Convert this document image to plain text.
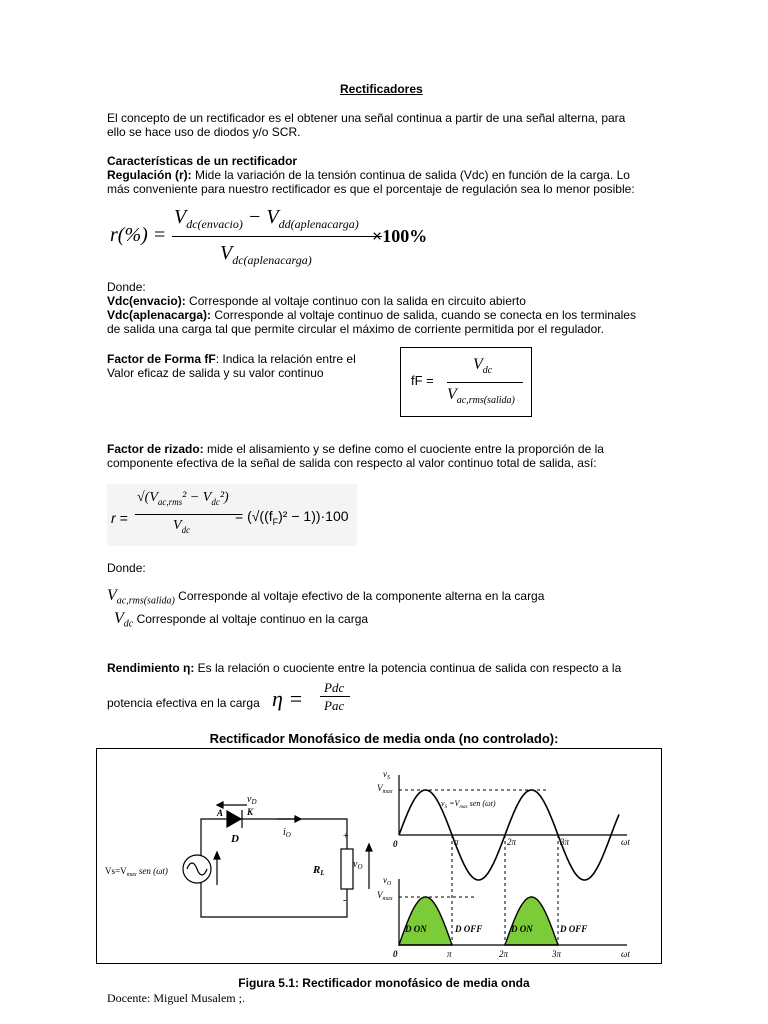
Rectificadores
El concepto de un rectificador es el obtener una señal continua a partir de una señal alterna, para
ello se hace uso de diodos y/o SCR.
Características de un rectificador
Regulación (r): Mide la variación de la tensión continua de salida (Vdc) en función de la carga. Lo
más conveniente para nuestro rectificador es que el porcentaje de regulación sea lo menor posible:
r(%) =
$V_{dc(envacio)} - V_{dd(aplenacarga)}$
$V_{dc(aplenacarga)}$
×100%
Donde:
Vdc(envacio): Corresponde al voltaje continuo con la salida en circuito abierto
Vdc(aplenacarga): Corresponde al voltaje continuo de salida, cuando se conecta en los terminales
de salida una carga tal que permite circular el máximo de corriente permitida por el regulador.
Factor de Forma fF: Indica la relación entre el
Valor eficaz de salida y su valor continuo	fF =
$V_{dc}$
$V_{ac,rms(salida)}$
Factor de rizado: mide el alisamiento y se define como el cuociente entre la proporción de la
componente efectiva de la señal de salida con respecto al valor continuo total de salida, así:
r =
$√(V_{ac,rms}^2 - V_{dc}^2)$
$V_{dc}$
= $(√((f_F)^2 - 1))\cdot 100$
Donde:
$V_{ac,rms(salida)}$ Corresponde al voltaje efectivo de la componente alterna en la carga
$V_{dc}$ Corresponde al voltaje continuo en la carga
Rendimiento η: Es la relación o cuociente entre la potencia continua de salida con respecto a la
potencia efectiva en la carga η = Pdc
Pac
Rectificador Monofásico de media onda (no controlado):
$v_D$
A	K
D
$i_O$	+
-
RL
$v_O$
$Vs=V_{max}$ sen (ωt)
$v_S$
$V_{max}$
$v_S =V_{max}$ sen (ωt)
0	π	2π	3π	ωt
$v_O$
$V_{max}$
D ON	D OFF	D ON	D OFF
0	π	2π	3π	ωt
Figura 5.1: Rectificador monofásico de media onda
Docente: Miguel Musalem ;.
